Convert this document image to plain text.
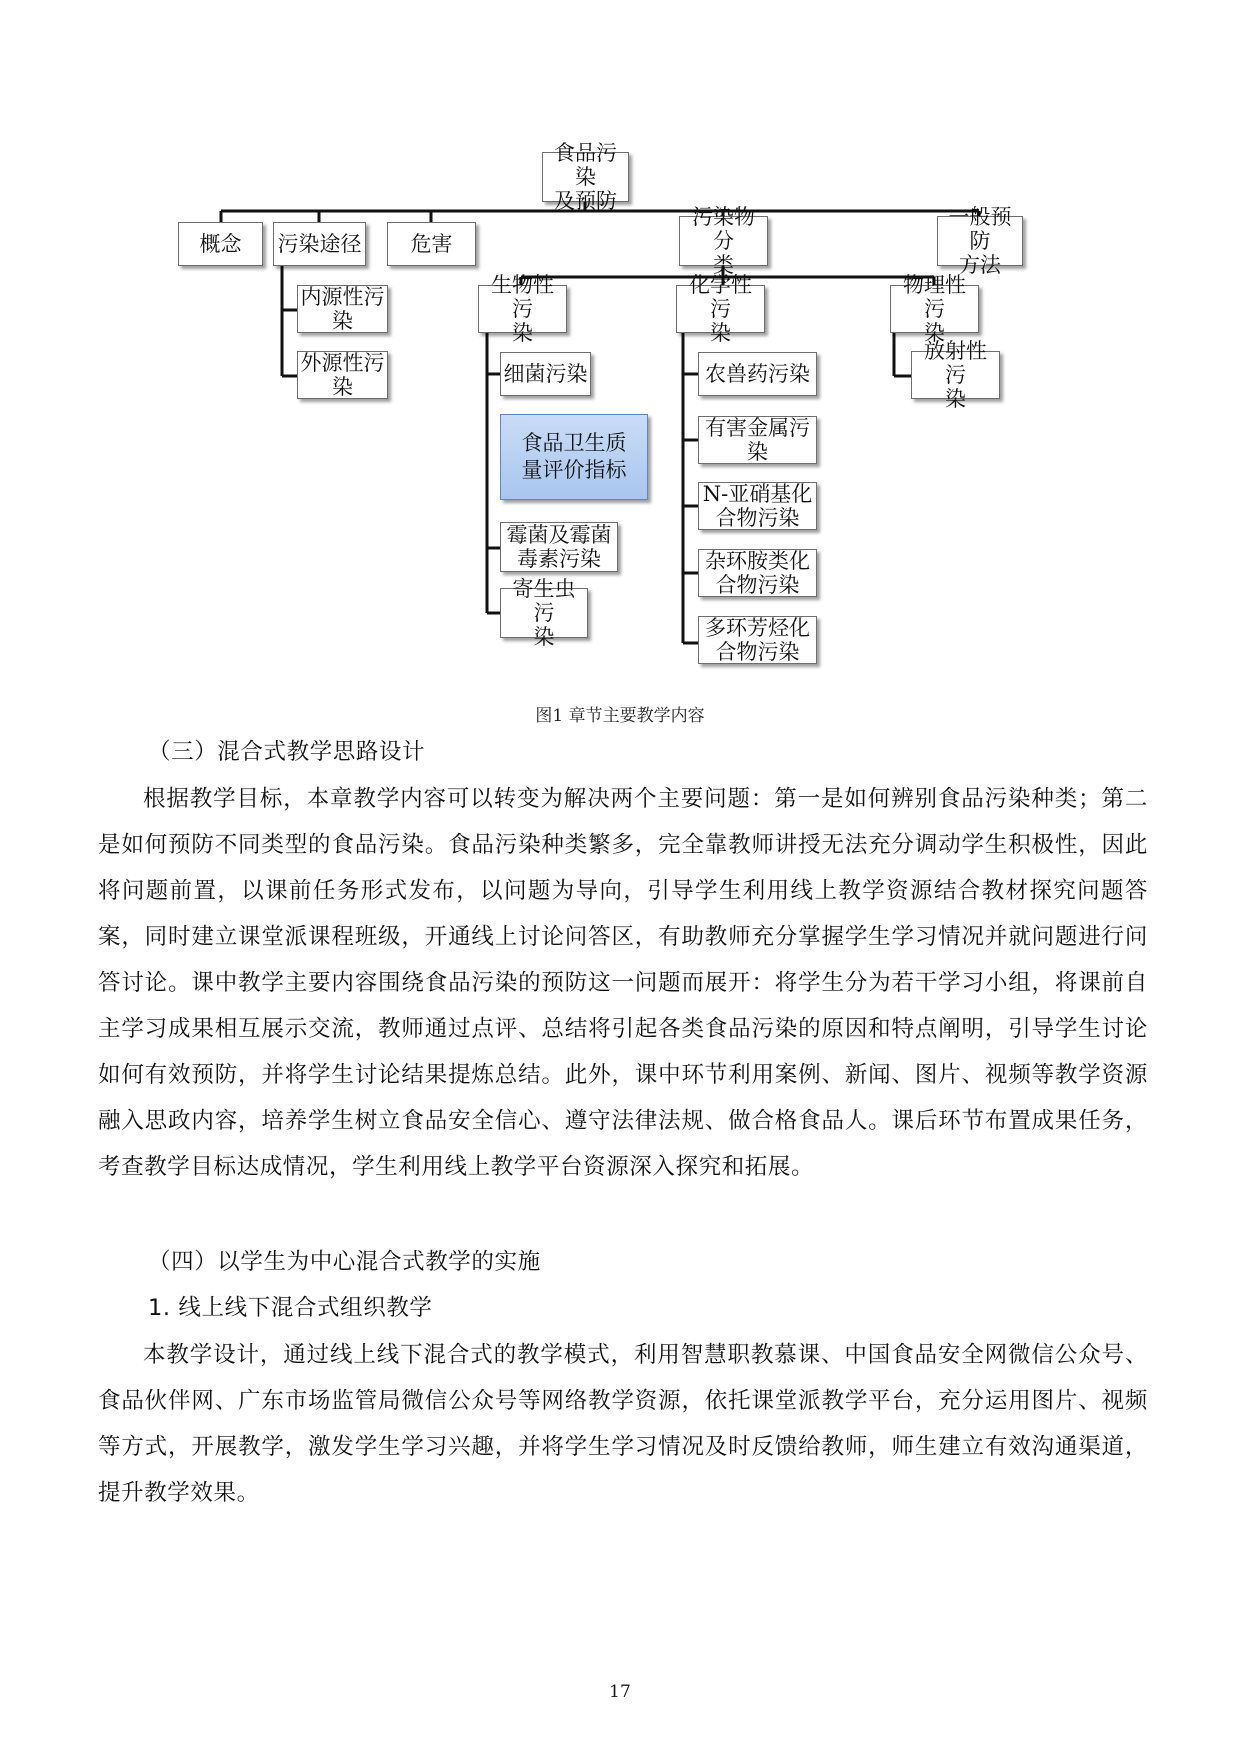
食品污染
及预防
概念 污染途径 危害
污染物分
类
一般预防
方法
内源性污
染
外源性污
染
生物性污
染
化学性污
染
物理性污
染
细菌污染
食品卫生质
量评价指标
霉菌及霉菌
毒素污染
寄生虫污
染
农兽药污染
有害金属污
染
N-亚硝基化
合物污染
杂环胺类化
合物污染
多环芳烃化
合物污染
放射性污
染
图1 章节主要教学内容
（三）混合式教学思路设计

根据教学目标，本章教学内容可以转变为解决两个主要问题：第一是如何辨别食品污染种类；第二是如何预防不同类型的食品污染。食品污染种类繁多，完全靠教师讲授无法充分调动学生积极性，因此将问题前置，以课前任务形式发布，以问题为导向，引导学生利用线上教学资源结合教材探究问题答案，同时建立课堂派课程班级，开通线上讨论问答区，有助教师充分掌握学生学习情况并就问题进行问答讨论。课中教学主要内容围绕食品污染的预防这一问题而展开：将学生分为若干学习小组，将课前自主学习成果相互展示交流，教师通过点评、总结将引起各类食品污染的原因和特点阐明，引导学生讨论如何有效预防，并将学生讨论结果提炼总结。此外，课中环节利用案例、新闻、图片、视频等教学资源融入思政内容，培养学生树立食品安全信心、遵守法律法规、做合格食品人。课后环节布置成果任务，考查教学目标达成情况，学生利用线上教学平台资源深入探究和拓展。

（四）以学生为中心混合式教学的实施
1. 线上线下混合式组织教学

本教学设计，通过线上线下混合式的教学模式，利用智慧职教慕课、中国食品安全网微信公众号、食品伙伴网、广东市场监管局微信公众号等网络教学资源，依托课堂派教学平台，充分运用图片、视频等方式，开展教学，激发学生学习兴趣，并将学生学习情况及时反馈给教师，师生建立有效沟通渠道，提升教学效果。

17
